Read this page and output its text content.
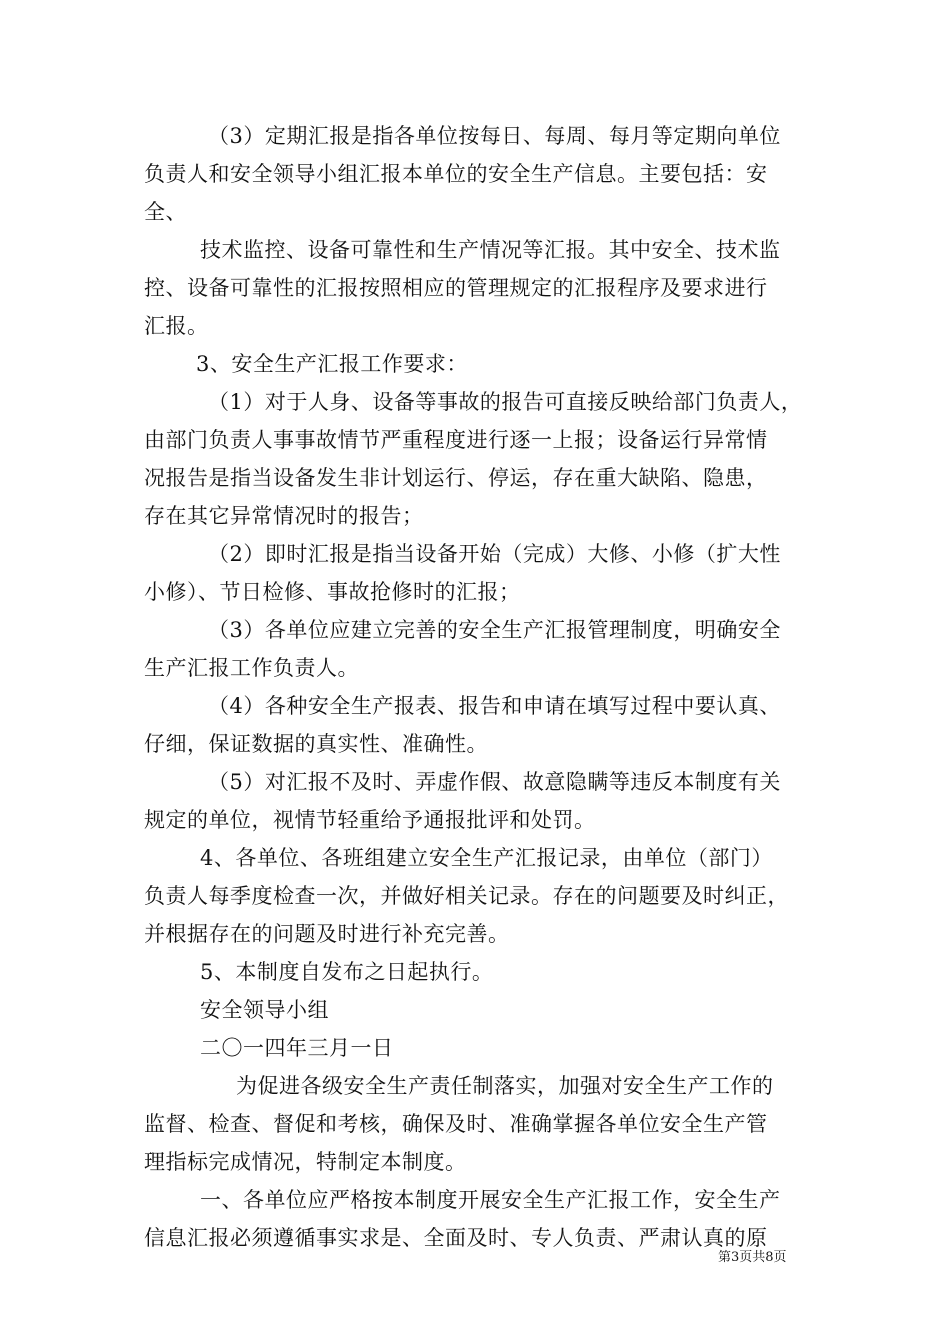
（3）定期汇报是指各单位按每日、每周、每月等定期向单位
负责人和安全领导小组汇报本单位的安全生产信息。主要包括：安
全、
技术监控、设备可靠性和生产情况等汇报。其中安全、技术监
控、设备可靠性的汇报按照相应的管理规定的汇报程序及要求进行
汇报。
3、安全生产汇报工作要求：
（1）对于人身、设备等事故的报告可直接反映给部门负责人，
由部门负责人事事故情节严重程度进行逐一上报；设备运行异常情
况报告是指当设备发生非计划运行、停运，存在重大缺陷、隐患，
存在其它异常情况时的报告；
（2）即时汇报是指当设备开始（完成）大修、小修（扩大性
小修）、节日检修、事故抢修时的汇报；
（3）各单位应建立完善的安全生产汇报管理制度，明确安全
生产汇报工作负责人。
（4）各种安全生产报表、报告和申请在填写过程中要认真、
仔细，保证数据的真实性、准确性。
（5）对汇报不及时、弄虚作假、故意隐瞒等违反本制度有关
规定的单位，视情节轻重给予通报批评和处罚。
4、各单位、各班组建立安全生产汇报记录，由单位（部门）
负责人每季度检查一次，并做好相关记录。存在的问题要及时纠正，
并根据存在的问题及时进行补充完善。
5、本制度自发布之日起执行。
安全领导小组
二〇一四年三月一日
为促进各级安全生产责任制落实，加强对安全生产工作的
监督、检查、督促和考核，确保及时、准确掌握各单位安全生产管
理指标完成情况，特制定本制度。
一、各单位应严格按本制度开展安全生产汇报工作，安全生产
信息汇报必须遵循事实求是、全面及时、专人负责、严肃认真的原
第3页共8页
